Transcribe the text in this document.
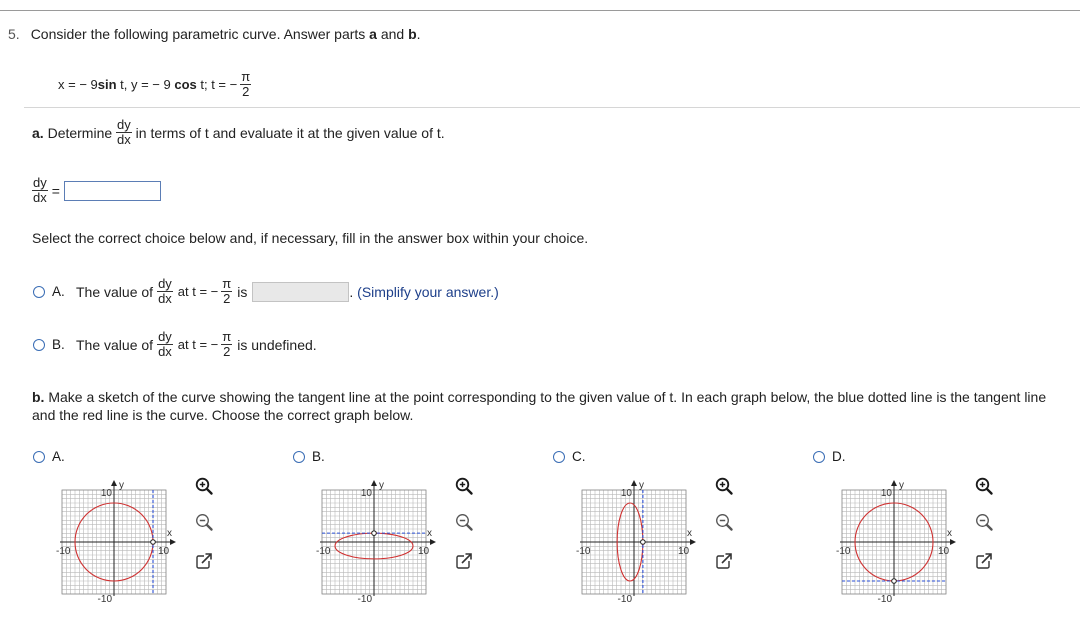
5. Consider the following parametric curve. Answer parts a and b.
x = − 9 sin t, y = − 9 cos t; t = − $\frac{\pi}{2}$
a. Determine $\frac{dy}{dx}$ in terms of t and evaluate it at the given value of t.
$\frac{dy}{dx}$ =
Select the correct choice below and, if necessary, fill in the answer box within your choice.
A. The value of $\frac{dy}{dx}$ at t = − $\frac{\pi}{2}$ is	. (Simplify your answer.)
B. The value of $\frac{dy}{dx}$ at t = − $\frac{\pi}{2}$ is undefined.
b. Make a sketch of the curve showing the tangent line at the point corresponding to the given value of t. In each graph below, the blue dotted line is the tangent line and the red line is the curve. Choose the correct graph below.
A.
y
x
10
-10
-10	10
B.
y
x
10
-10
-10	10
C.
y
x
10
-10
-10	10
D.
y
x
10
-10
-10	10
